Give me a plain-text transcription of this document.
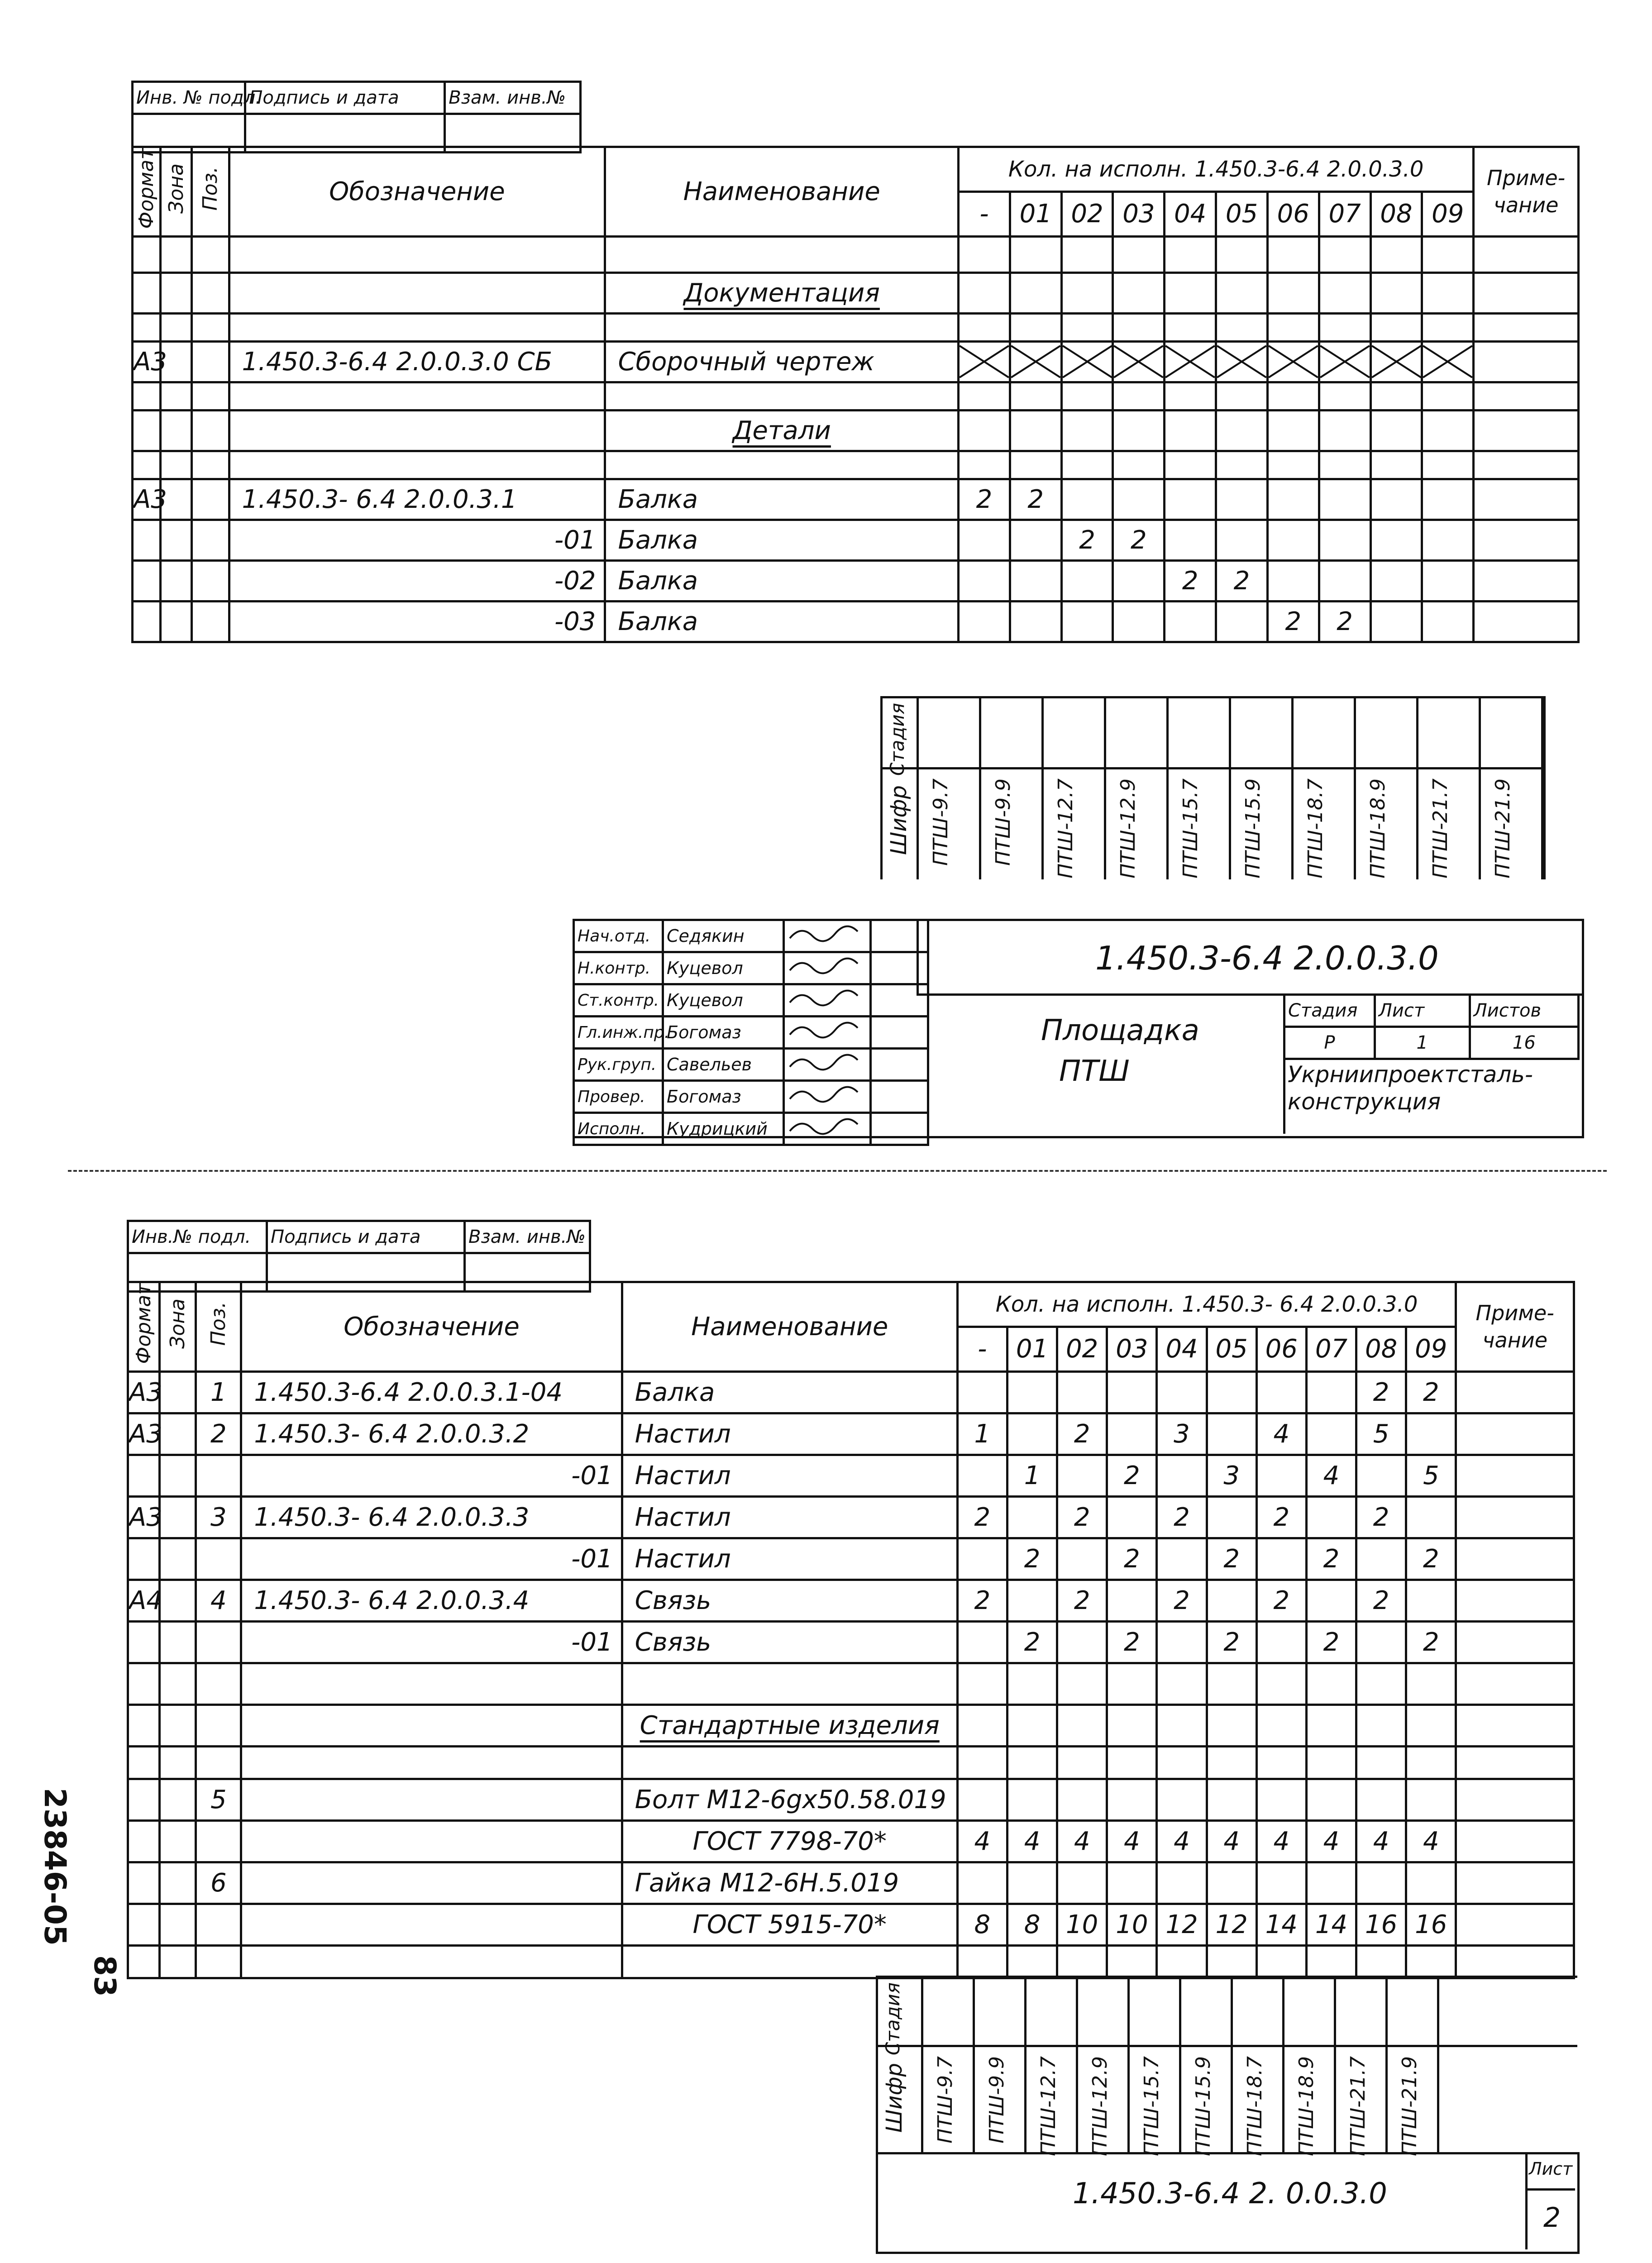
Инв. № подл.	Подпись и дата	Взам. инв.№

Формат	Зона	Поз.	Обозначение	Наименование	Кол. на исполн. 1.450.3-6.4 2.0.0.3.0										Приме-чание
					-	01	02	03	04	05	06	07	08	09	

				Документация											

А3			1.450.3-6.4 2.0.0.3.0 СБ	Сборочный чертеж	

				Детали											

А3			1.450.3- 6.4 2.0.0.3.1	Балка	2	2									
			-01	Балка			2	2							
			-02	Балка					2	2					
			-03	Балка							2	2			
Стадия
Шифр ПТШ-9.7 ПТШ-9.9 ПТШ-12.7 ПТШ-12.9 ПТШ-15.7 ПТШ-15.9 ПТШ-18.7 ПТШ-18.9 ПТШ-21.7 ПТШ-21.9
Нач.отд.	Седякин		
Н.контр.	Куцевол		
Ст.контр.	Куцевол		
Гл.инж.пр.	Богомаз		
Рук.груп.	Савельев		
Провер.	Богомаз		
Исполн.	Кудрицкий		
1.450.3-6.4 2.0.0.3.0
Площадка
ПТШ
Стадия	Лист	Листов
Р	1	16
Укрниипроектсталь-
конструкция
Инв.№ подл.	Подпись и дата	Взам. инв.№

Формат	Зона	Поз.	Обозначение	Наименование	Кол. на исполн. 1.450.3- 6.4 2.0.0.3.0										Приме-чание
					-	01	02	03	04	05	06	07	08	09	
А3		1	1.450.3-6.4 2.0.0.3.1-04	Балка									2	2	
А3		2	1.450.3- 6.4 2.0.0.3.2	Настил	1		2		3		4		5		
			-01	Настил		1		2		3		4		5	
А3		3	1.450.3- 6.4 2.0.0.3.3	Настил	2		2		2		2		2		
			-01	Настил		2		2		2		2		2	
А4		4	1.450.3- 6.4 2.0.0.3.4	Связь	2		2		2		2		2		
			-01	Связь		2		2		2		2		2	

				Стандартные изделия											

		5		Болт М12-6gх50.58.019											
				ГОСТ 7798-70*	4	4	4	4	4	4	4	4	4	4	
		6		Гайка М12-6Н.5.019											
				ГОСТ 5915-70*	8	8	10	10	12	12	14	14	16	16	

23846-05
83
Стадия
Шифр ПТШ-9.7 ПТШ-9.9 ПТШ-12.7 ПТШ-12.9 ПТШ-15.7 ПТШ-15.9 ПТШ-18.7 ПТШ-18.9 ПТШ-21.7 ПТШ-21.9
1.450.3-6.4 2. 0.0.3.0
Лист
2
